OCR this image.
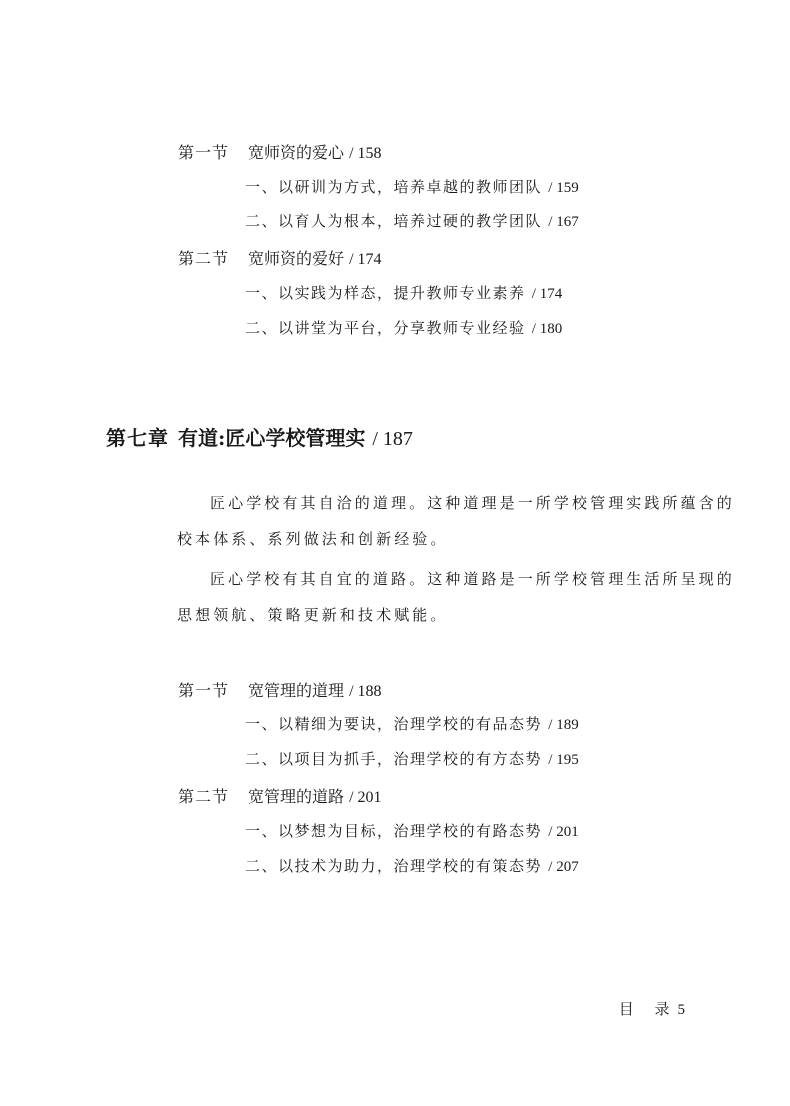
第一节 宽师资的爱心 / 158
一、以研训为方式，培养卓越的教师团队 / 159
二、以育人为根本，培养过硬的教学团队 / 167
第二节 宽师资的爱好 / 174
一、以实践为样态，提升教师专业素养 / 174
二、以讲堂为平台，分享教师专业经验 / 180
第七章 有道:匠心学校管理实 / 187
匠心学校有其自洽的道理。这种道理是一所学校管理实践所蕴含的
校本体系、系列做法和创新经验。
匠心学校有其自宜的道路。这种道路是一所学校管理生活所呈现的
思想领航、策略更新和技术赋能。
第一节 宽管理的道理 / 188
一、以精细为要诀，治理学校的有品态势 / 189
二、以项目为抓手，治理学校的有方态势 / 195
第二节 宽管理的道路 / 201
一、以梦想为目标，治理学校的有路态势 / 201
二、以技术为助力，治理学校的有策态势 / 207
目 录5
